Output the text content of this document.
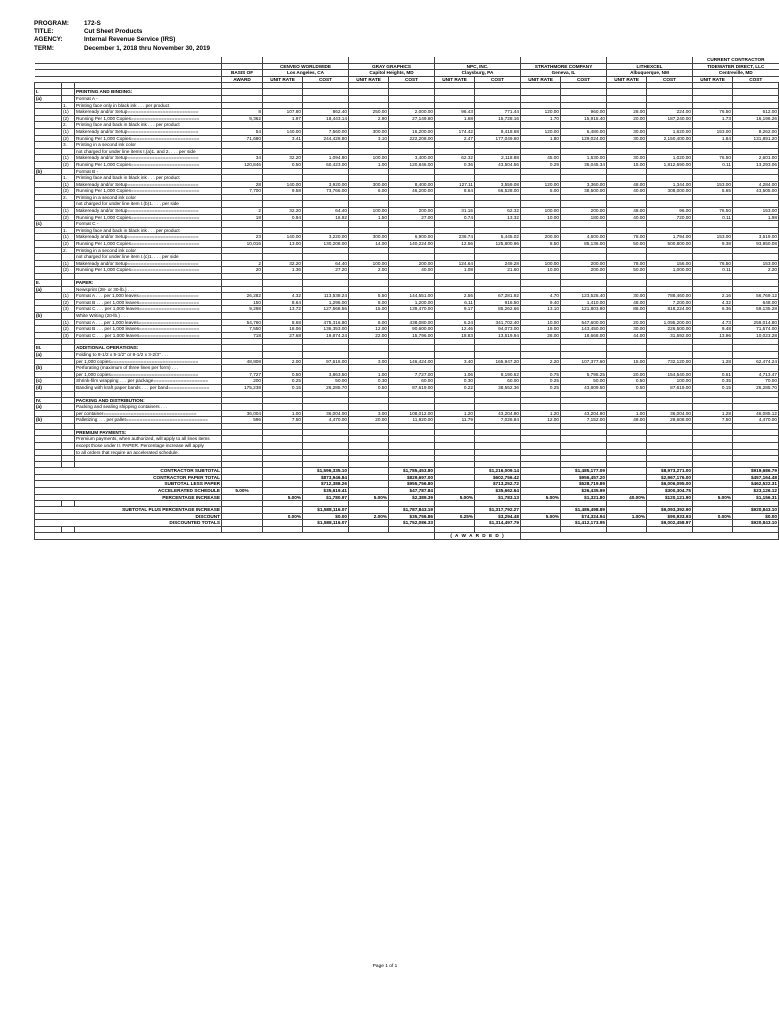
PROGRAM:	172-S
TITLE:	Cut Sheet Products
AGENCY:	Internal Revenue Service (IRS)
TERM:	December 1, 2018 thru November 30, 2019
														CURRENT CONTRACTOR	
				CENVEO WORLDWIDE		GRAY GRAPHICS		NPC, INC.		STRATHMORE COMPANY		LITHEXCEL		TIDEWATER DIRECT, LLC	
			BASIS OF	Los Angeles, CA		Capitol Heights, MD		Claysburg, PA		Geneva, IL		Albuquerque, NM		Centreville, MD	
			AWARD	UNIT RATE	COST	UNIT RATE	COST	UNIT RATE	COST	UNIT RATE	COST	UNIT RATE	COST	UNIT RATE	COST

I.		PRINTING AND BINDING:													
(a)		Format A -													
	1.	Printing face only in black ink . . . per product													
	(1)	Makeready and/or Setup==========================	8	107.80	862.40	250.00	2,000.00	96.43	771.44	120.00	960.00	28.00	224.00	76.50	612.00
	(2)	Running Per 1,000 Copies=========================	9,362	1.97	18,443.14	2.90	27,149.80	1.68	15,728.16	1.70	15,915.40	20.00	187,240.00	1.73	16,196.26
	2.	Printing face and back in black ink . . . per product													
	(1)	Makeready and/or Setup==========================	54	140.00	7,560.00	300.00	16,200.00	174.42	9,418.68	120.00	6,480.00	30.00	1,620.00	153.00	8,262.00
	(2)	Running Per 1,000 Copies=========================	71,680	3.41	244,428.80	3.10	222,208.00	2.47	177,049.60	1.80	129,024.00	30.00	2,150,400.00	1.84	131,891.20
	3.	Printing in a second ink color													
		not charged for under line items I.(a)1. and 2. . . . per side													
	(1)	Makeready and/or Setup==========================	34	32.20	1,094.80	100.00	3,400.00	62.32	2,118.88	45.00	1,530.00	30.00	1,020.00	76.50	2,601.00
	(2)	Running Per 1,000 Copies=========================	120,846	0.50	60,423.00	1.00	120,846.00	0.36	43,504.56	0.29	35,045.34	15.00	1,812,690.00	0.11	13,293.06
(b)		Format B -													
	1.	Printing face and back in black ink . . . per product													
	(1)	Makeready and/or Setup==========================	28	140.00	3,920.00	300.00	8,400.00	127.11	3,559.08	120.00	3,360.00	48.00	1,344.00	153.00	4,284.00
	(2)	Running Per 1,000 Copies=========================	7,700	9.58	73,766.00	6.00	46,200.00	8.64	66,528.00	5.00	38,500.00	40.00	308,000.00	5.65	43,505.00
	2.	Printing in a second ink color													
		not charged for under line item I.(b)1. . . . per side													
	(1)	Makeready and/or Setup==========================	2	32.20	64.40	100.00	200.00	31.16	62.32	100.00	200.00	48.00	96.00	76.50	153.00
	(2)	Running Per 1,000 Copies=========================	18	0.94	16.92	1.50	27.00	0.74	13.32	10.00	180.00	40.00	720.00	0.11	1.98
(c)		Format C -													
	1.	Printing face and back in black ink . . . per product													
	(1)	Makeready and/or Setup==========================	23	140.00	3,220.00	300.00	6,900.00	236.74	5,445.02	200.00	4,600.00	78.00	1,794.00	153.00	3,519.00
	(2)	Running Per 1,000 Copies=========================	10,016	13.00	130,208.00	14.00	140,224.00	12.56	125,800.96	8.50	85,136.00	50.00	500,800.00	9.38	93,950.08
	2.	Printing in a second ink color													
		not charged for under line item I.(c)1. . . . per side													
	(1)	Makeready and/or Setup==========================	2	32.20	64.40	100.00	200.00	124.64	249.28	100.00	200.00	78.00	156.00	76.50	153.00
	(2)	Running Per 1,000 Copies=========================	20	1.36	27.20	2.00	40.00	1.08	21.60	10.00	200.00	50.00	1,000.00	0.11	2.20

II.		PAPER:													
(a)		Newsprint (28- or 30-lb.) . . .													
	(1)	Format A . . . per 1,000 leaves======================	26,282	4.32	113,538.24	5.50	144,551.00	2.56	67,281.92	4.70	123,525.40	30.00	788,460.00	2.16	56,769.12
	(2)	Format B . . . per 1,000 leaves======================	150	8.64	1,296.00	8.00	1,200.00	6.11	916.50	9.40	1,410.00	48.00	7,200.00	4.32	648.00
	(3)	Format C . . . per 1,000 leaves======================	9,298	13.72	127,568.56	15.00	139,470.00	9.17	85,262.66	13.10	121,803.80	88.00	818,224.00	6.36	59,135.28
(b)		White Writing (20-lb.) . . .													
	(1)	Format A . . . per 1,000 leaves======================	54,760	8.68	475,316.80	8.00	438,080.00	6.24	341,702.40	10.00	547,600.00	20.00	1,095,200.00	4.73	259,014.80
	(2)	Format B . . . per 1,000 leaves======================	7,550	18.06	136,353.00	12.00	90,600.00	12.46	94,073.00	19.00	143,450.00	30.00	226,500.00	9.48	71,574.00
	(3)	Format C . . . per 1,000 leaves======================	718	27.68	19,874.24	22.00	15,796.00	18.83	13,519.94	26.00	18,668.00	44.00	31,592.00	13.96	10,023.28

III.		ADDITIONAL OPERATIONS:													
(a)		Folding to 8-1/2 x 5-1/2" or 8-1/2 x 3-2/3" . . .													
		per 1,000 copies================================	48,808	2.00	97,616.00	3.00	146,424.00	3.40	165,947.20	2.20	107,377.60	15.00	732,120.00	1.28	62,474.24
(b)		Perforating (maximum of three lines per form) . . .													
		per 1,000 copies================================	7,727	0.50	3,863.50	1.00	7,727.00	1.06	8,190.62	0.75	5,795.25	20.00	154,540.00	0.61	4,713.47
(c)		Shrink-film wrapping . . . per package====================	200	0.25	50.00	0.30	60.00	0.30	60.00	0.25	50.00	0.50	100.00	0.35	70.00
(d)		Banding with kraft paper bands . . . per band===============	175,238	0.15	26,285.70	0.50	87,619.00	0.22	38,552.36	0.25	43,809.50	0.50	87,619.00	0.15	26,285.70

IV.		PACKING AND DISTRIBUTION:													
(a)		Packing and sealing shipping containers . . .													
		per container==================================	36,004	1.00	36,004.00	3.00	108,012.00	1.20	43,204.80	1.20	43,204.80	1.00	36,004.00	1.28	46,085.12
(b)		Palletizing . . . per pallet==============================	596	7.50	4,470.00	20.00	11,920.00	11.79	7,026.84	12.00	7,152.00	48.00	28,608.00	7.50	4,470.00

		PREMIUM PAYMENTS:													
		Premium payments, when authorized, will apply to all lines items													
		except those under II. PAPER. Percentage increase will apply													
		to all orders that require an accelerated schedule.													

CONTRACTOR SUBTOTAL					$1,596,335.10		$1,785,453.80		$1,216,009.14		$1,485,177.09		$8,973,271.00		$919,686.79
CONTRACTOR PAPER TOTAL					$873,946.84		$829,697.00		$602,756.42		$956,457.20		$2,967,176.00		$457,164.48
SUBTOTAL LESS PAPER					$712,388.26		$955,756.80		$713,252.72		$528,719.89		$6,006,095.00		$462,522.31
ACCELERATED SCHEDULE			5.00%		$35,619.41		$47,787.84		$35,662.64		$26,435.99		$300,304.75		$23,126.12
PERCENTAGE INCREASE				5.00%	$1,780.97	5.00%	$2,389.39	5.00%	$1,783.13	5.00%	$1,321.80	40.00%	$120,121.90	5.00%	$1,156.31

SUBTOTAL PLUS PERCENTAGE INCREASE					$1,588,116.07		$1,787,843.19		$1,317,792.27		$1,486,498.89		$9,093,392.90		$920,843.10
DISCOUNT				0.00%	$0.00	2.00%	$35,756.86	0.25%	$3,294.48	5.00%	$74,324.94	1.00%	$90,933.93	0.00%	$0.00
DISCOUNTED TOTALS					$1,588,116.07		$1,752,086.33		$1,314,497.79		$1,412,173.95		$9,002,458.97		$920,843.10

								( A W A R D E D )							
Page 1 of 1
